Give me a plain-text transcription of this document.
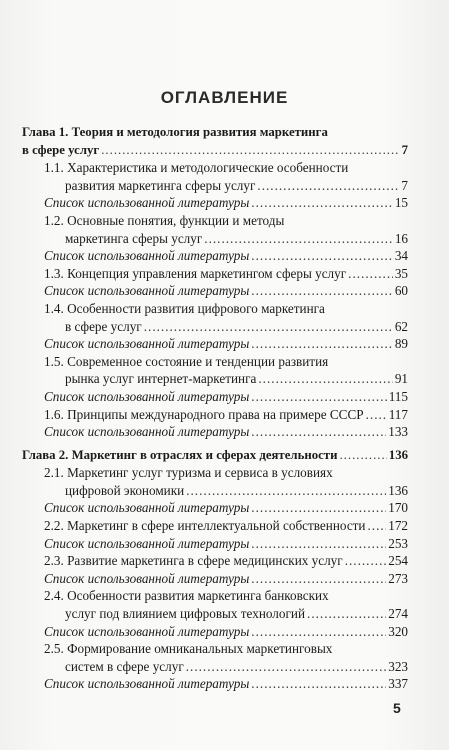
ОГЛАВЛЕНИЕ
Глава 1. Теория и методология развития маркетинга
в сфере услуг .....	7
1.1. Характеристика и методологические особенности
развития маркетинга сферы услуг .....	7
Список использованной литературы .....	15
1.2. Основные понятия, функции и методы
маркетинга сферы услуг .....	16
Список использованной литературы .....	34
1.3. Концепция управления маркетингом сферы услуг .....	35
Список использованной литературы .....	60
1.4. Особенности развития цифрового маркетинга
в сфере услуг .....	62
Список использованной литературы .....	89
1.5. Современное состояние и тенденции развития
рынка услуг интернет-маркетинга .....	91
Список использованной литературы .....	115
1.6. Принципы международного права на примере СССР ..... 117
Список использованной литературы .....	133
Глава 2. Маркетинг в отраслях и сферах деятельности .....	136
2.1. Маркетинг услуг туризма и сервиса в условиях
цифровой экономики .....	136
Список использованной литературы .....	170
2.2. Маркетинг в сфере интеллектуальной собственности ..... 172
Список использованной литературы .....	253
2.3. Развитие маркетинга в сфере медицинских услуг .....	254
Список использованной литературы .....	273
2.4. Особенности развития маркетинга банковских
услуг под влиянием цифровых технологий .....	274
Список использованной литературы .....	320
2.5. Формирование омниканальных маркетинговых
систем в сфере услуг .....	323
Список использованной литературы .....	337
5
